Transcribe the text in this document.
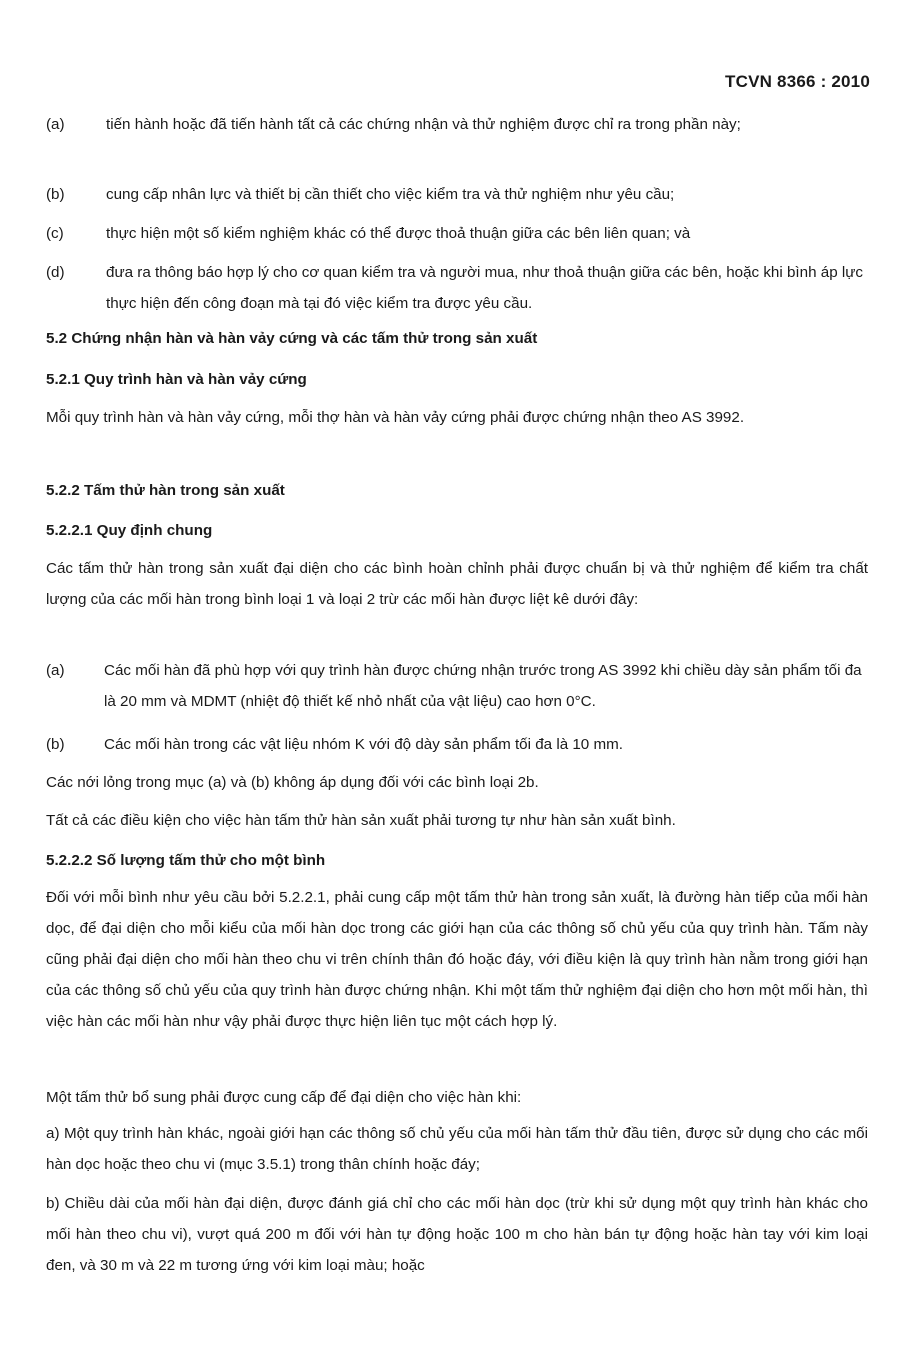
TCVN 8366 : 2010
(a)	tiến hành hoặc đã tiến hành tất cả các chứng nhận và thử nghiệm được chỉ ra trong phần này;
(b)	cung cấp nhân lực và thiết bị cần thiết cho việc kiểm tra và thử nghiệm như yêu cầu;
(c)	thực hiện một số kiểm nghiệm khác có thể được thoả thuận giữa các bên liên quan; và
(d)	đưa ra thông báo hợp lý cho cơ quan kiểm tra và người mua, như thoả thuận giữa các bên, hoặc khi bình áp lực thực hiện đến công đoạn mà tại đó việc kiểm tra được yêu cầu.
5.2 Chứng nhận hàn và hàn vảy cứng và các tấm thử trong sản xuất
5.2.1 Quy trình hàn và hàn vảy cứng
Mỗi quy trình hàn và hàn vảy cứng, mỗi thợ hàn và hàn vảy cứng phải được chứng nhận theo AS 3992.
5.2.2 Tấm thử hàn trong sản xuất
5.2.2.1 Quy định chung
Các tấm thử hàn trong sản xuất đại diện cho các bình hoàn chỉnh phải được chuẩn bị và thử nghiệm để kiểm tra chất lượng của các mối hàn trong bình loại 1 và loại 2 trừ các mối hàn được liệt kê dưới đây:
(a)	Các mối hàn đã phù hợp với quy trình hàn được chứng nhận trước trong AS 3992 khi chiều dày sản phẩm tối đa là 20 mm và MDMT (nhiệt độ thiết kế nhỏ nhất của vật liệu) cao hơn 0°C.
(b)	Các mối hàn trong các vật liệu nhóm K với độ dày sản phẩm tối đa là 10 mm.
Các nới lỏng trong mục (a) và (b) không áp dụng đối với các bình loại 2b.
Tất cả các điều kiện cho việc hàn tấm thử hàn sản xuất phải tương tự như hàn sản xuất bình.
5.2.2.2 Số lượng tấm thử cho một bình
Đối với mỗi bình như yêu cầu bởi 5.2.2.1, phải cung cấp một tấm thử hàn trong sản xuất, là đường hàn tiếp của mối hàn dọc, để đại diện cho mỗi kiểu của mối hàn dọc trong các giới hạn của các thông số chủ yếu của quy trình hàn. Tấm này cũng phải đại diện cho mối hàn theo chu vi trên chính thân đó hoặc đáy, với điều kiện là quy trình hàn nằm trong giới hạn của các thông số chủ yếu của quy trình hàn được chứng nhận. Khi một tấm thử nghiệm đại diện cho hơn một mối hàn, thì việc hàn các mối hàn như vậy phải được thực hiện liên tục một cách hợp lý.
Một tấm thử bổ sung phải được cung cấp để đại diện cho việc hàn khi:
a) Một quy trình hàn khác, ngoài giới hạn các thông số chủ yếu của mối hàn tấm thử đầu tiên, được sử dụng cho các mối hàn dọc hoặc theo chu vi (mục 3.5.1) trong thân chính hoặc đáy;
b) Chiều dài của mối hàn đại diện, được đánh giá chỉ cho các mối hàn dọc (trừ khi sử dụng một quy trình hàn khác cho mối hàn theo chu vi), vượt quá 200 m đối với hàn tự động hoặc 100 m cho hàn bán tự động hoặc hàn tay với kim loại đen, và 30 m và 22 m tương ứng với kim loại màu; hoặc
